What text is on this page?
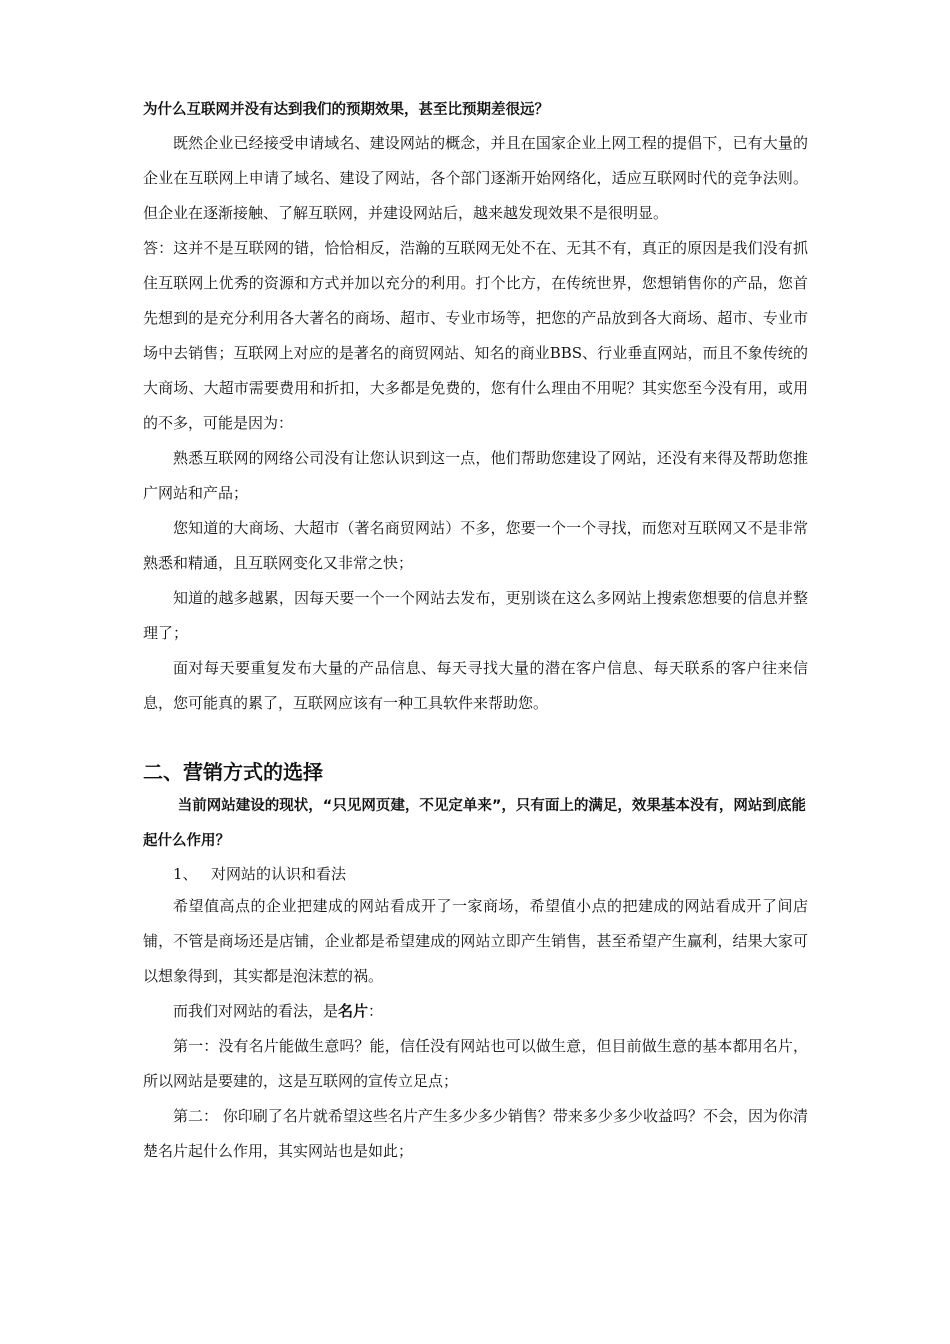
为什么互联网并没有达到我们的预期效果，甚至比预期差很远？

既然企业已经接受申请域名、建设网站的概念，并且在国家企业上网工程的提倡下，已有大量的企业在互联网上申请了域名、建设了网站，各个部门逐渐开始网络化，适应互联网时代的竞争法则。但企业在逐渐接触、了解互联网，并建设网站后，越来越发现效果不是很明显。

答：这并不是互联网的错，恰恰相反，浩瀚的互联网无处不在、无其不有，真正的原因是我们没有抓住互联网上优秀的资源和方式并加以充分的利用。打个比方，在传统世界，您想销售你的产品，您首先想到的是充分利用各大著名的商场、超市、专业市场等，把您的产品放到各大商场、超市、专业市场中去销售；互联网上对应的是著名的商贸网站、知名的商业BBS、行业垂直网站，而且不象传统的大商场、大超市需要费用和折扣，大多都是免费的，您有什么理由不用呢？其实您至今没有用，或用的不多，可能是因为：

熟悉互联网的网络公司没有让您认识到这一点，他们帮助您建设了网站，还没有来得及帮助您推广网站和产品；

您知道的大商场、大超市（著名商贸网站）不多，您要一个一个寻找，而您对互联网又不是非常熟悉和精通，且互联网变化又非常之快；

知道的越多越累，因每天要一个一个网站去发布，更别谈在这么多网站上搜索您想要的信息并整理了；

面对每天要重复发布大量的产品信息、每天寻找大量的潜在客户信息、每天联系的客户往来信息，您可能真的累了，互联网应该有一种工具软件来帮助您。

二、营销方式的选择

当前网站建设的现状，“只见网页建，不见定单来”，只有面上的满足，效果基本没有，网站到底能起什么作用？

1、 对网站的认识和看法

希望值高点的企业把建成的网站看成开了一家商场，希望值小点的把建成的网站看成开了间店铺，不管是商场还是店铺，企业都是希望建成的网站立即产生销售，甚至希望产生赢利，结果大家可以想象得到，其实都是泡沫惹的祸。

而我们对网站的看法，是名片：

第一：没有名片能做生意吗？能，信任没有网站也可以做生意，但目前做生意的基本都用名片，所以网站是要建的，这是互联网的宣传立足点；

第二： 你印刷了名片就希望这些名片产生多少多少销售？带来多少多少收益吗？不会，因为你清楚名片起什么作用，其实网站也是如此；
